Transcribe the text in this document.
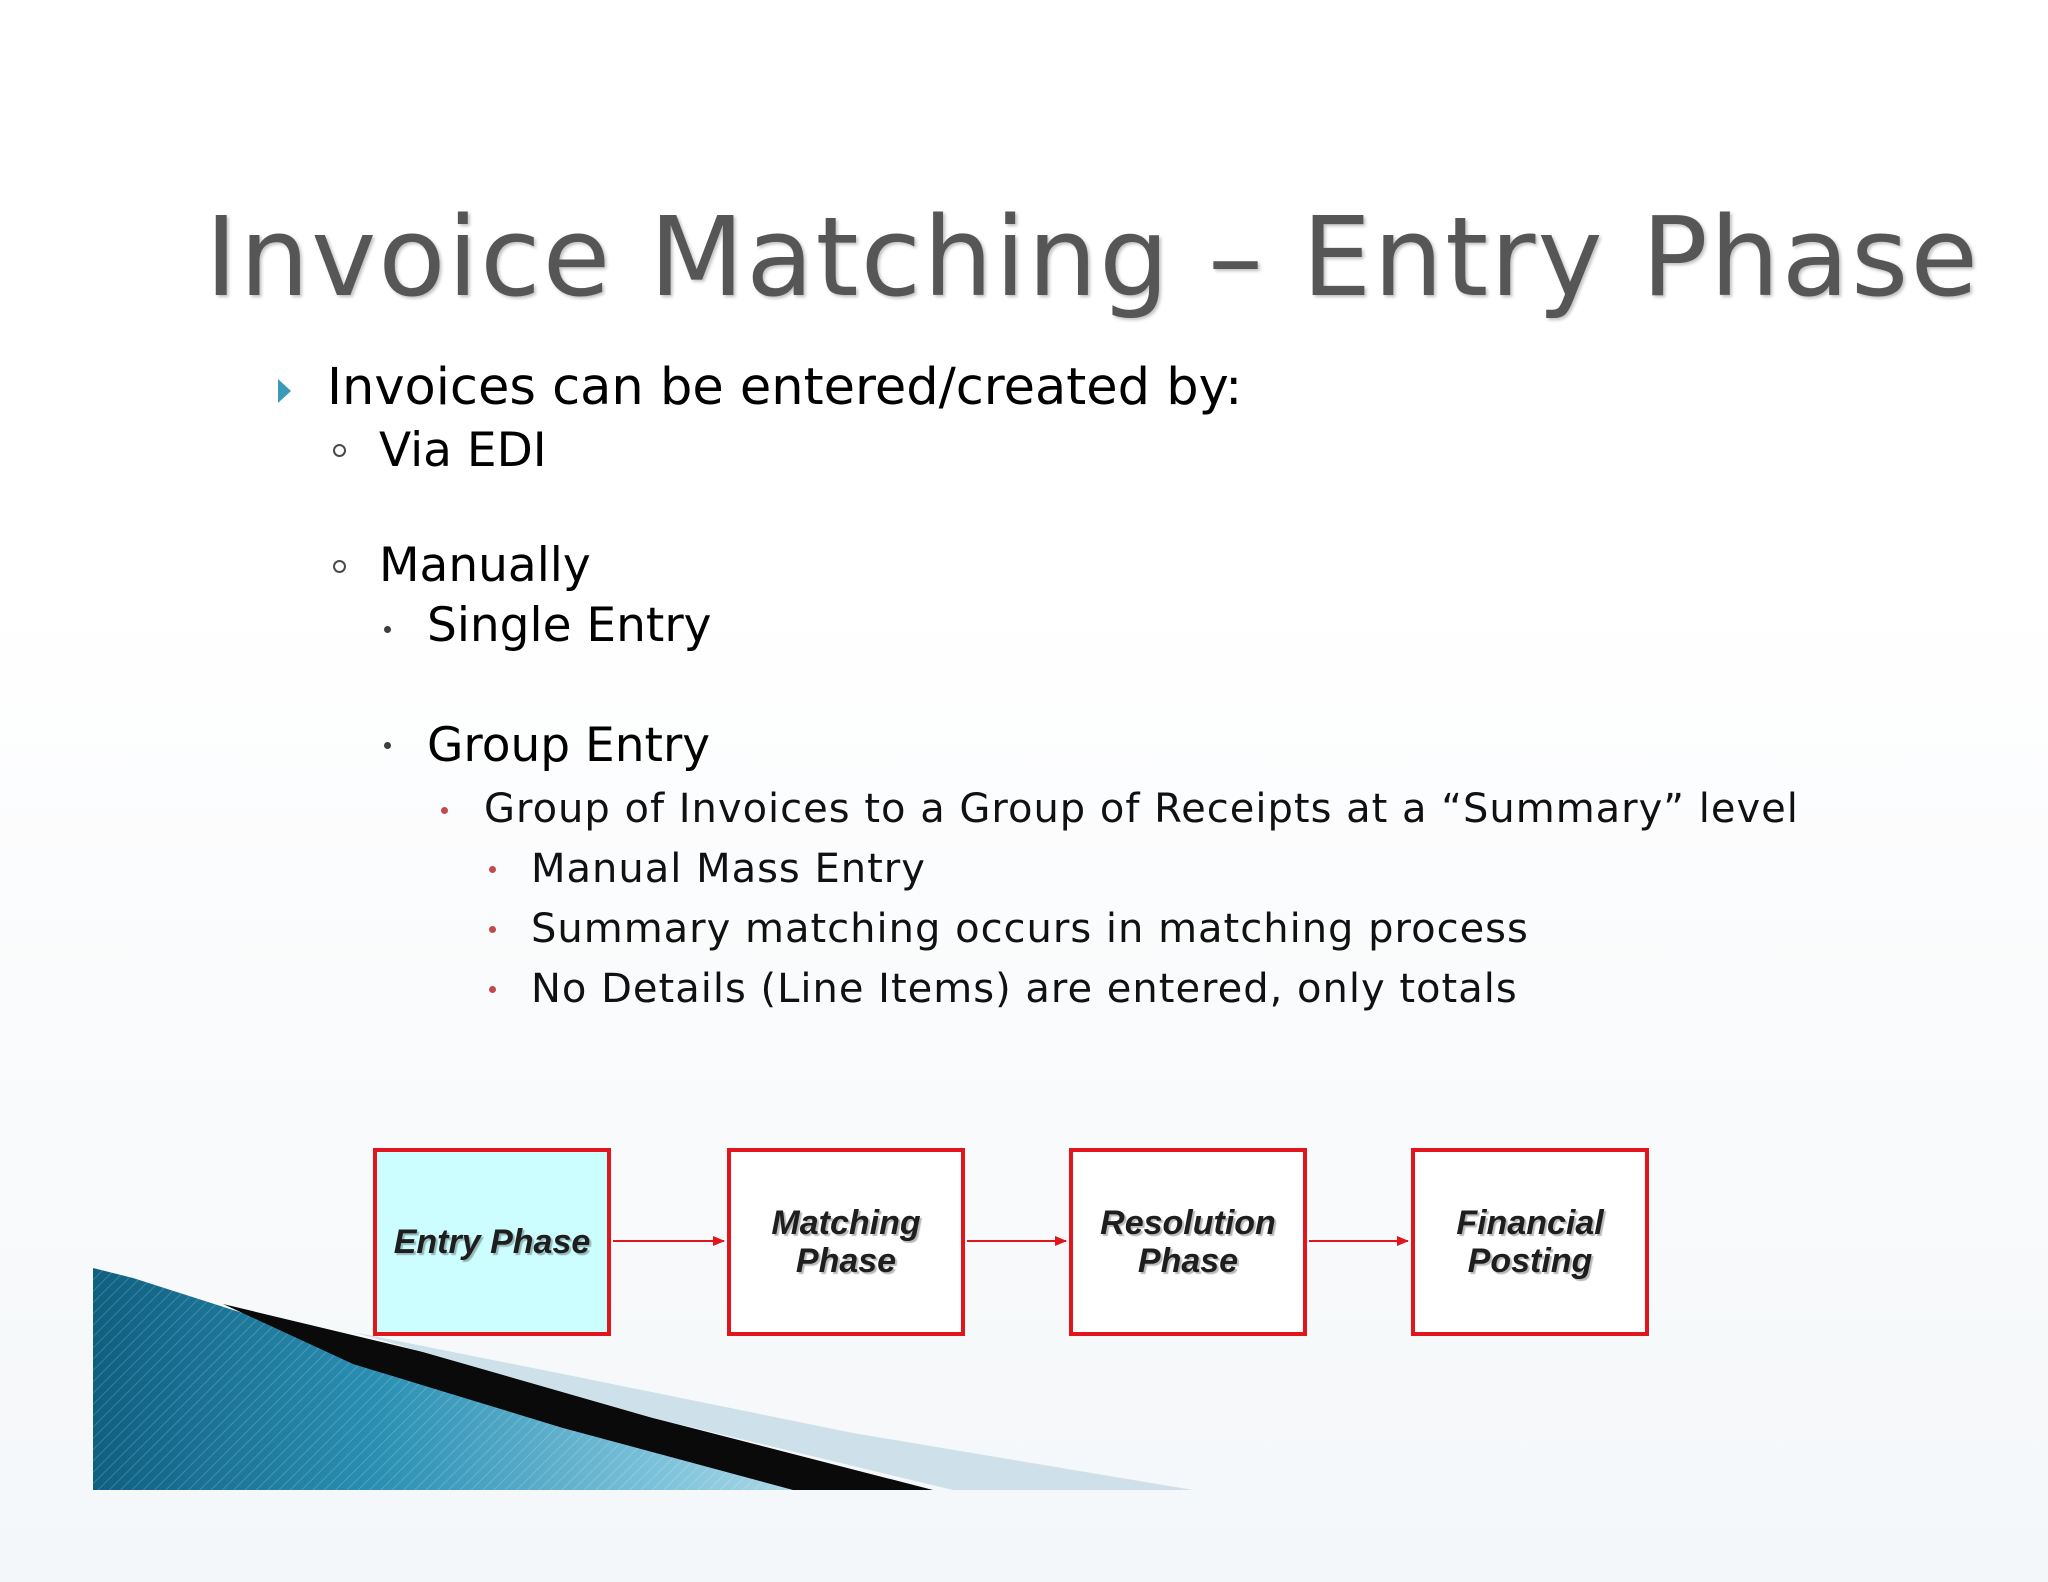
Invoice Matching – Entry Phase
Invoices can be entered/created by:
Via EDI
Manually
Single Entry
Group Entry
Group of Invoices to a Group of Receipts at a “Summary” level
Manual Mass Entry
Summary matching occurs in matching process
No Details (Line Items) are entered, only totals
Entry Phase	Matching
Phase
Resolution
Phase
Financial
Posting
